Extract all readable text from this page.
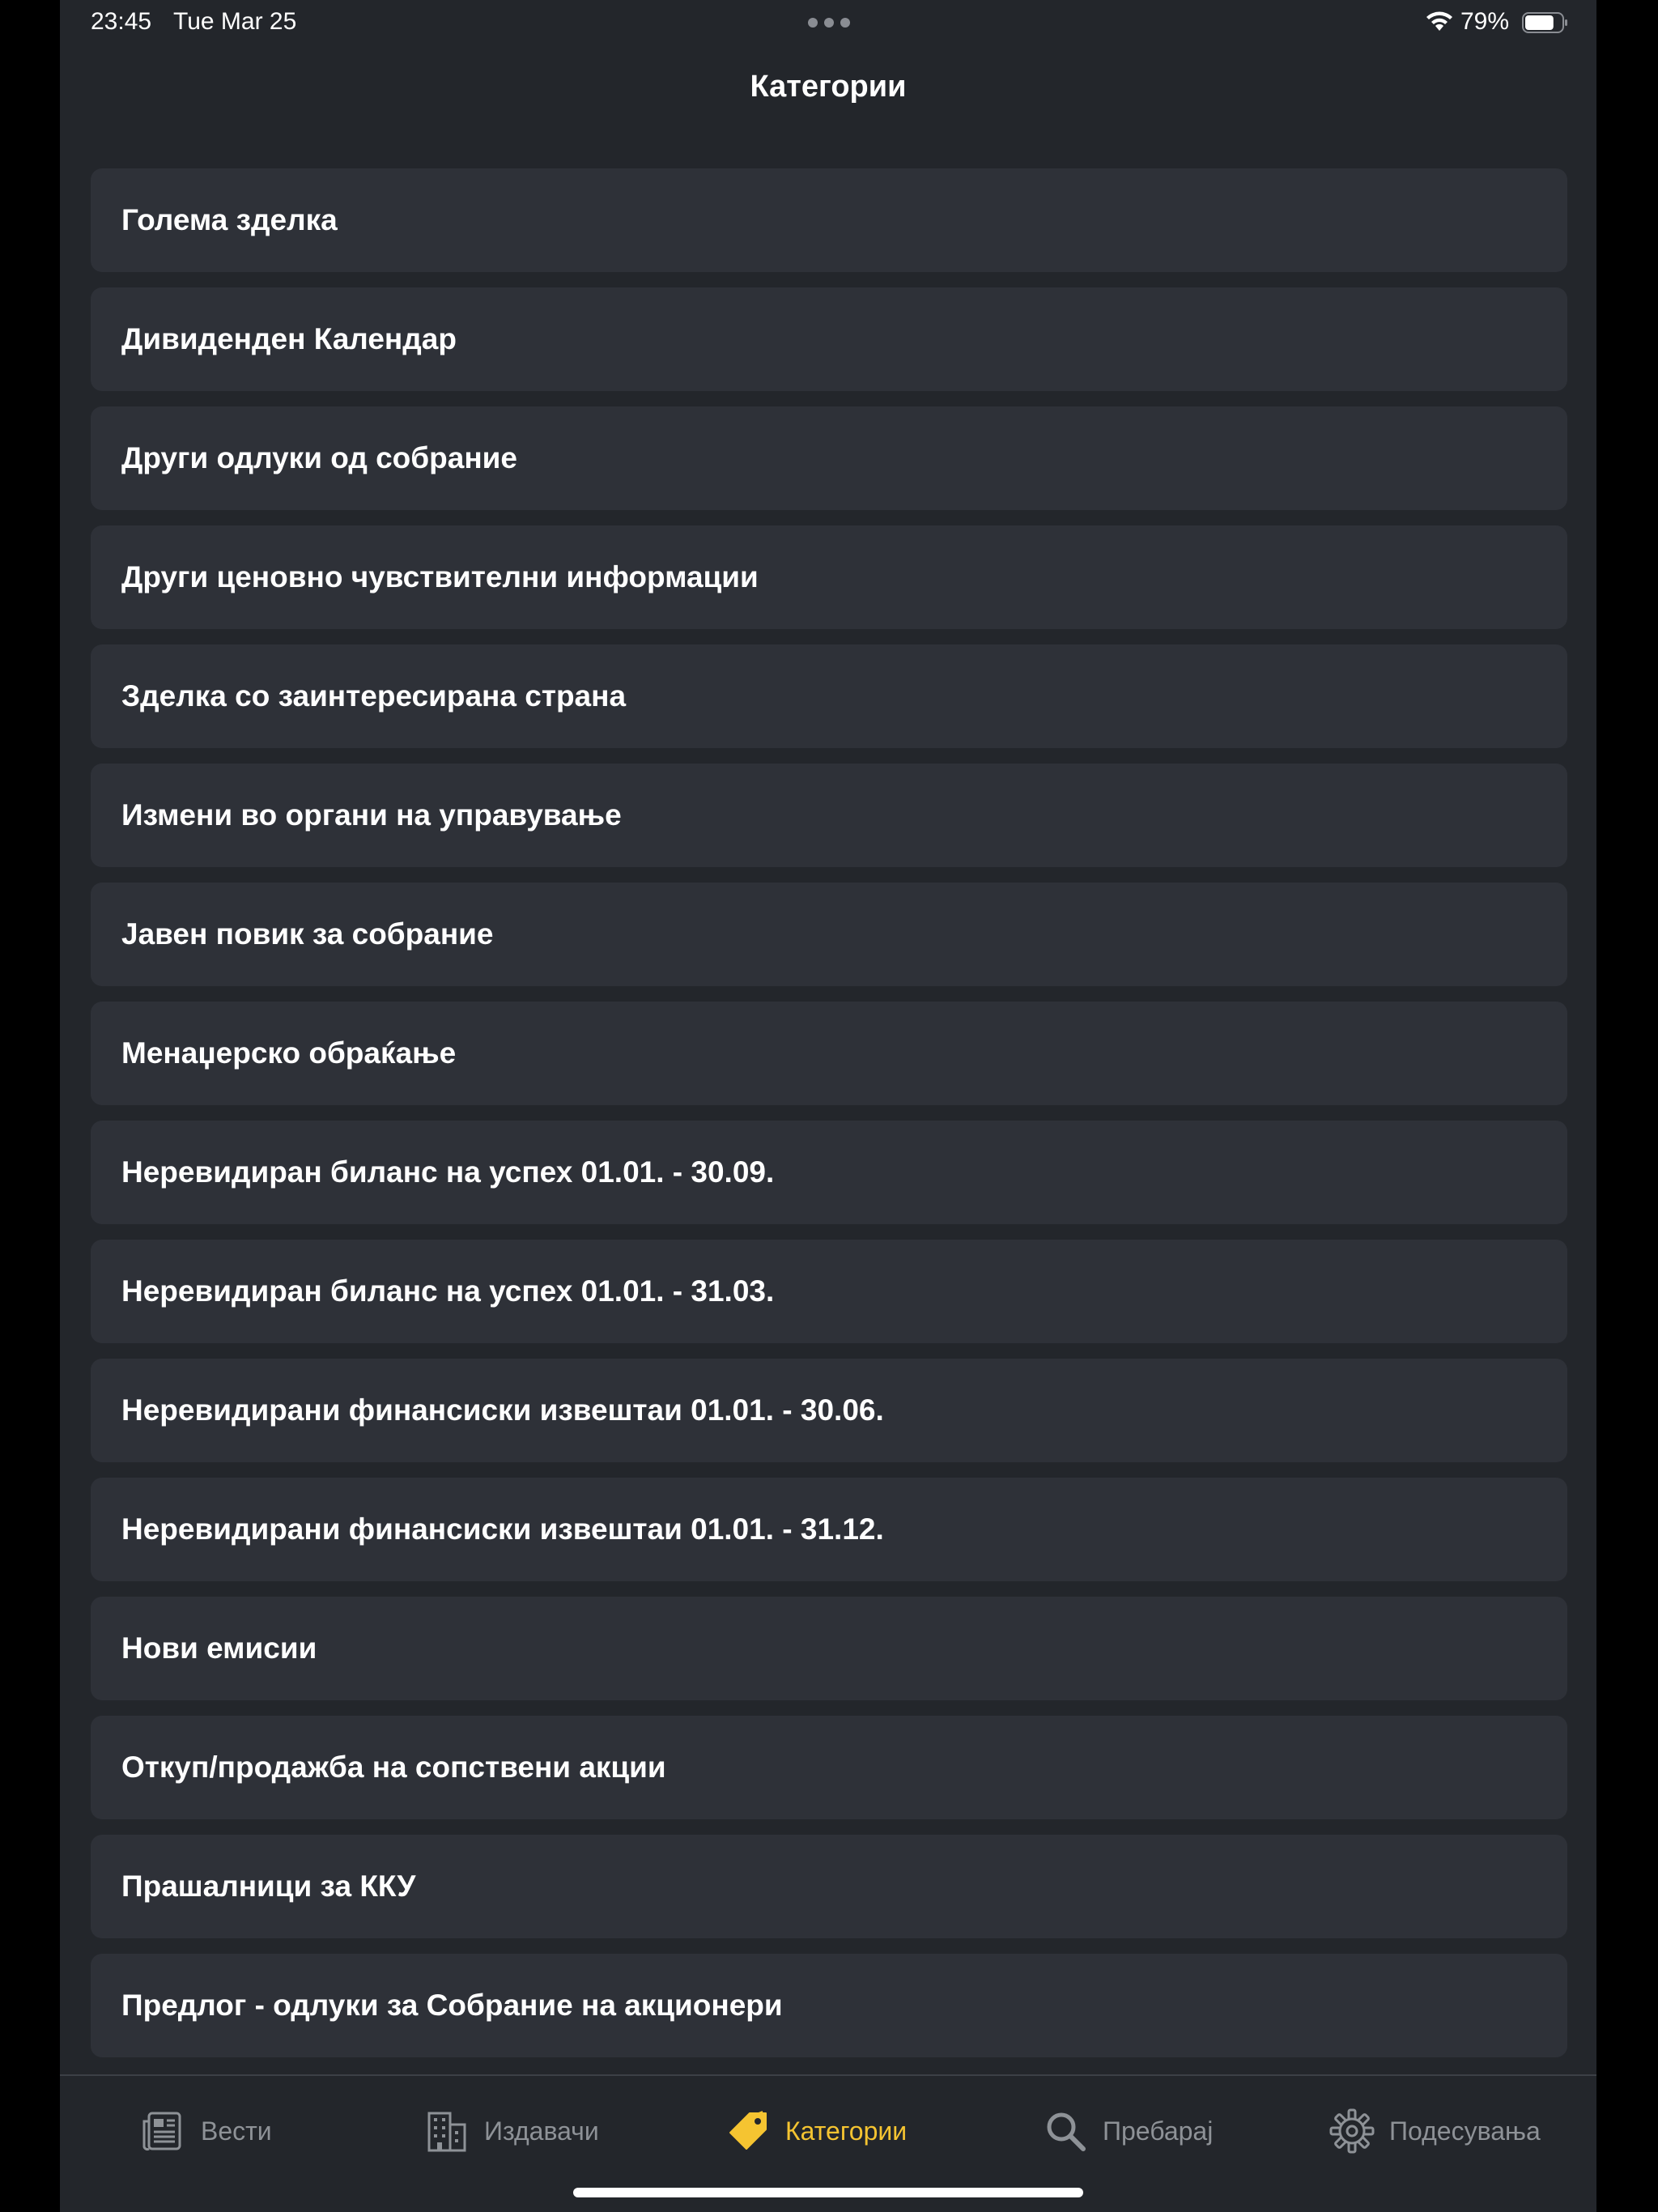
23:45 Tue Mar 25	79%
Категории
Голема зделка
Дивиденден Календар
Други одлуки од собрание
Други ценовно чувствителни информации
Зделка со заинтересирана страна
Измени во органи на управување
Јавен повик за собрание
Менаџерско обраќање
Неревидиран биланс на успех 01.01. - 30.09.
Неревидиран биланс на успех 01.01. - 31.03.
Неревидирани финансиски извештаи 01.01. - 30.06.
Неревидирани финансиски извештаи 01.01. - 31.12.
Нови емисии
Откуп/продажба на сопствени акции
Прашалници за ККУ
Предлог - одлуки за Собрание на акционери
Вести	Издавачи	Категории	Пребарај	Подесувања
